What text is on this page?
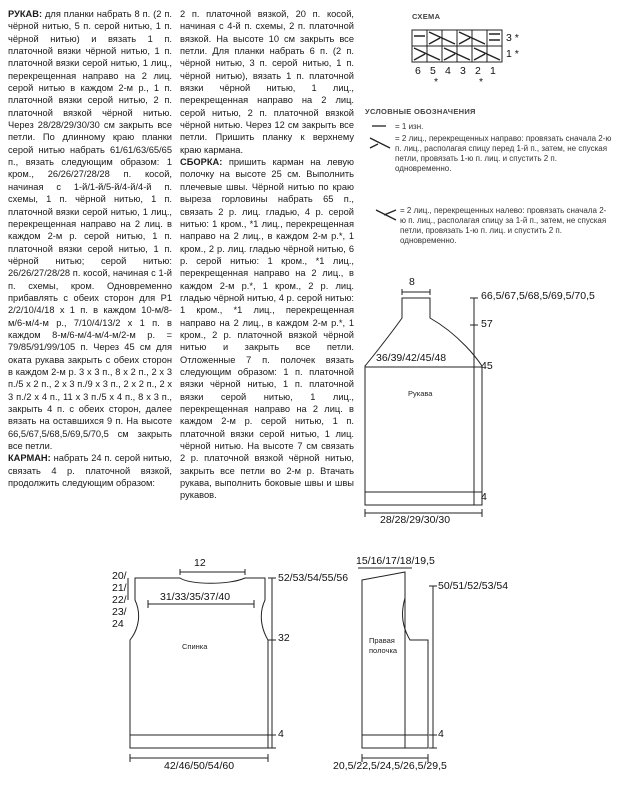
РУКАВ: для планки набрать 8 п. (2 п. чёрной нитью, 5 п. серой нитью, 1 п. чёрной нитью) и вязать 1 п. платочной вязки чёрной нитью, 1 п. платочной вязки серой нитью, 1 лиц., перекрещенная направо на 2 лиц. серой нитью в каждом 2-м р., 1 п. платочной вязки серой нитью, 2 п. платочной вязкой чёрной нитью. Через 28/28/29/30/30 см закрыть все петли. По длинному краю планки серой нитью набрать 61/61/63/65/65 п., вязать следующим образом: 1 кром., 26/26/27/28/28 п. косой, начиная с 1-й/1-й/5-й/4-й/4-й п. схемы, 1 п. чёрной нитью, 1 п. платочной вязки серой нитью, 1 лиц., перекрещенная направо на 2 лиц. в каждом 2-м р. серой нитью, 1 п. платочной вязки серой нитью, 1 п. чёрной нитью; серой нитью: 26/26/27/28/28 п. косой, начиная с 1-й п. схемы, кром. Одновременно прибавлять с обеих сторон для Р1 2/2/10/4/18 х 1 п. в каждом 10-м/8-м/6-м/4-м р., 7/10/4/13/2 х 1 п. в каждом 8-м/6-м/4-м/4-м/2-м р. = 79/85/91/99/105 п. Через 45 см для оката рукава закрыть с обеих сторон в каждом 2-м р. 3 х 3 п., 8 х 2 п., 2 х 3 п./5 х 2 п., 2 х 3 п./9 х 3 п., 2 х 2 п., 2 х 3 п./2 х 4 п., 11 х 3 п./5 х 4 п., 8 х 3 п., закрыть 4 п. с обеих сторон, далее вязать на оставшихся 9 п. На высоте 66,5/67,5/68,5/69,5/70,5 см закрыть все петли.

КАРМАН: набрать 24 п. серой нитью, связать 4 р. платочной вязкой, продолжить следующим образом:

2 п. платочной вязкой, 20 п. косой, начиная с 4-й п. схемы, 2 п. платочной вязкой. На высоте 10 см закрыть все петли. Для планки набрать 6 п. (2 п. чёрной нитью, 3 п. серой нитью, 1 п. чёрной нитью), вязать 1 п. платочной вязки чёрной нитью, 1 лиц., перекрещенная направо на 2 лиц. серой нитью, 2 п. платочной вязкой чёрной нитью. Через 12 см закрыть все петли. Пришить планку к верхнему краю кармана.

СБОРКА: пришить карман на левую полочку на высоте 25 см. Выполнить плечевые швы. Чёрной нитью по краю выреза горловины набрать 65 п., связать 2 р. лиц. гладью, 4 р. серой нитью: 1 кром., *1 лиц., перекрещенная направо на 2 лиц., в каждом 2-м р.*, 1 кром., 2 р. лиц. гладью чёрной нитью, 6 р. серой нитью: 1 кром., *1 лиц., перекрещенная направо на 2 лиц., в каждом 2-м р.*, 1 кром., 2 р. лиц. гладью чёрной нитью, 4 р. серой нитью: 1 кром., *1 лиц., перекрещенная направо на 2 лиц., в каждом 2-м р.*, 1 кром., 2 р. платочной вязкой чёрной нитью и закрыть все петли. Отложенные 7 п. полочек вязать следующим образом: 1 п. платочной вязки чёрной нитью, 1 п. платочной вязки серой нитью, 1 лиц., перекрещенная направо на 2 лиц. в каждом 2-м р. серой нитью, 1 п. платочной вязки серой нитью, 1 лиц. чёрной нитью. На высоте 7 см связать 2 р. платочной вязкой чёрной нитью, закрыть все петли во 2-м р. Втачать рукава, выполнить боковые швы и швы рукавов.

СХЕМА
УСЛОВНЫЕ ОБОЗНАЧЕНИЯ
= 1 изн.
= 2 лиц., перекрещенных направо: провязать сначала 2-ю п. лиц., располагая спицу перед 1-й п., затем, не спуская петли, провязать 1-ю п. лиц. и спустить 2 п. одновременно.
= 2 лиц., перекрещенных налево: провязать сначала 2-ю п. лиц., располагая спицу за 1-й п., затем, не спуская петли, провязать 1-ю п. лиц. и спустить 2 п. одновременно.
3 *
1 *
6 5 4 3 2 1
*	*
8
66,5/67,5/68,5/69,5/70,5
57
36/39/42/45/48
45
Рукава
4
28/28/29/30/30
12
20/
21/
22/
23/
24
52/53/54/55/56
31/33/35/37/40
32
Спинка
4
42/46/50/54/60
15/16/17/18/19,5
50/51/52/53/54
Правая
полочка
4
20,5/22,5/24,5/26,5/29,5
